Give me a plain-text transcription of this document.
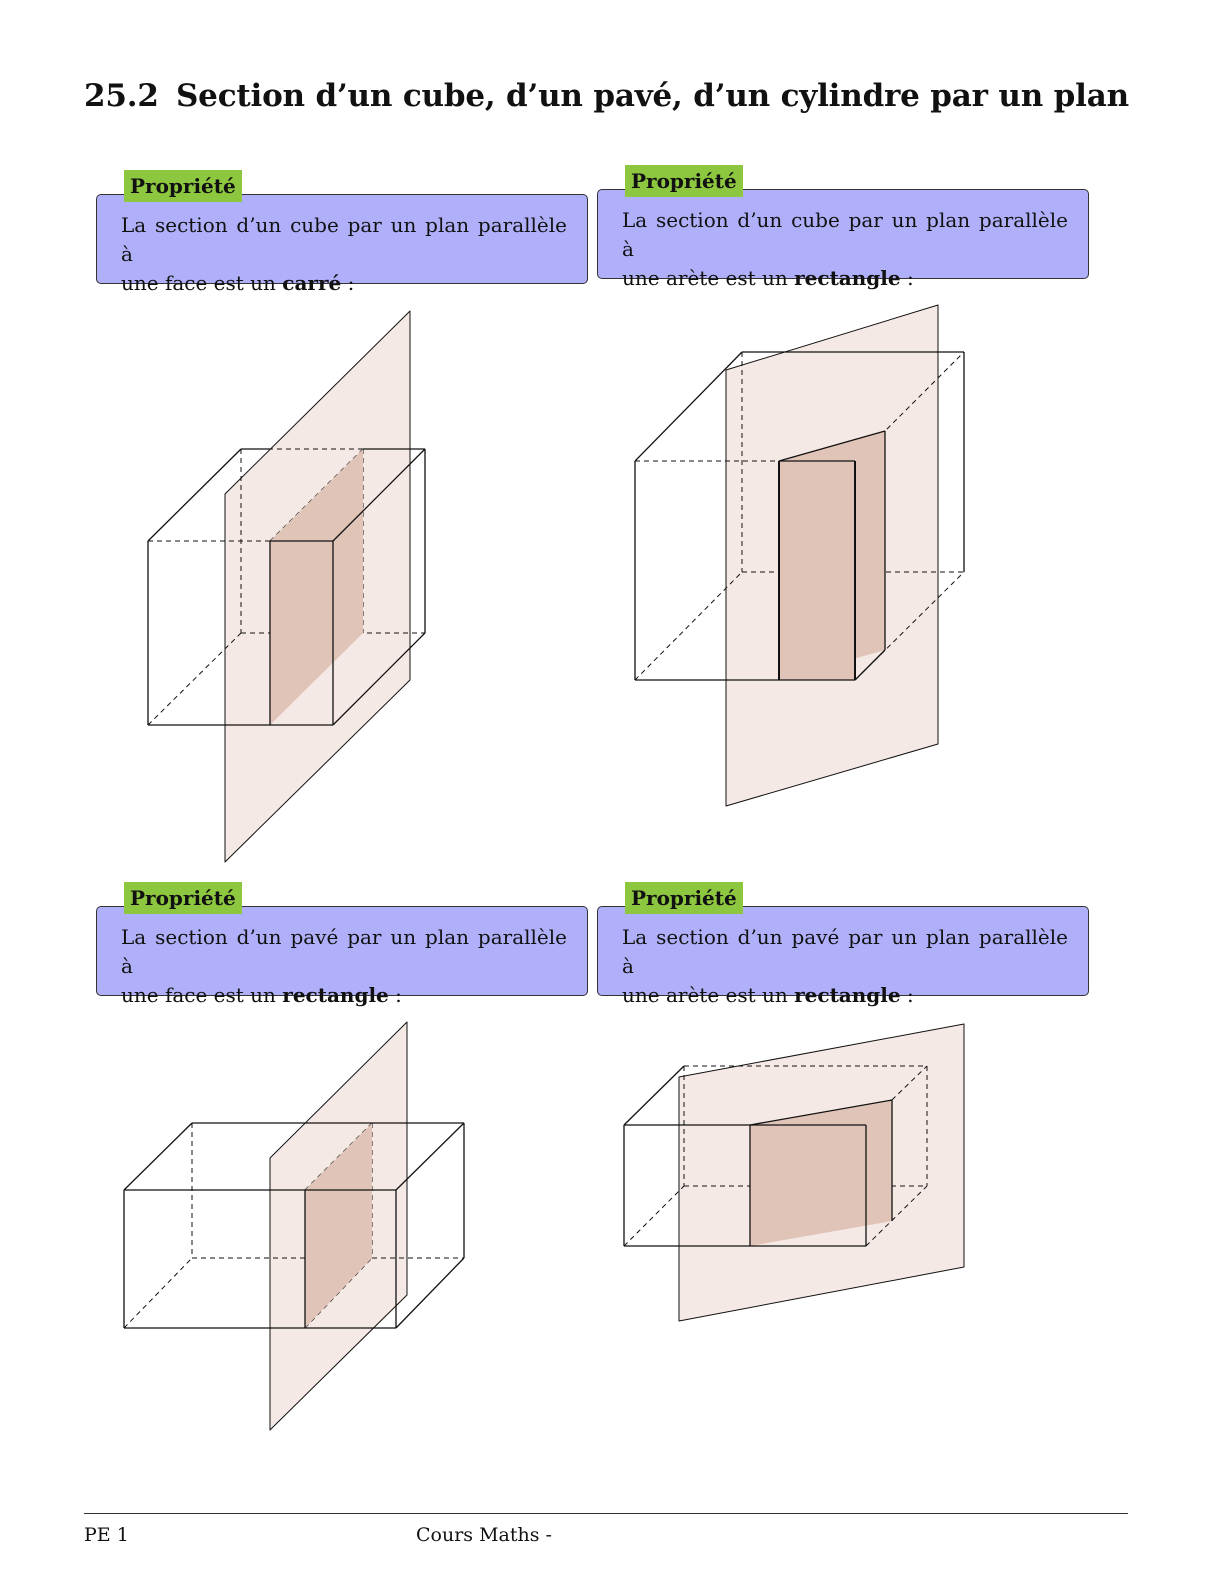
25.2 Section d’un cube, d’un pavé, d’un cylindre par un plan
Propriété
La section d’un cube par un plan parallèle à
une face est un carré :
Propriété
La section d’un cube par un plan parallèle à
une arète est un rectangle :
Propriété
La section d’un pavé par un plan parallèle à
une face est un rectangle :
Propriété
La section d’un pavé par un plan parallèle à
une arète est un rectangle :
PE 1	Cours Maths -
